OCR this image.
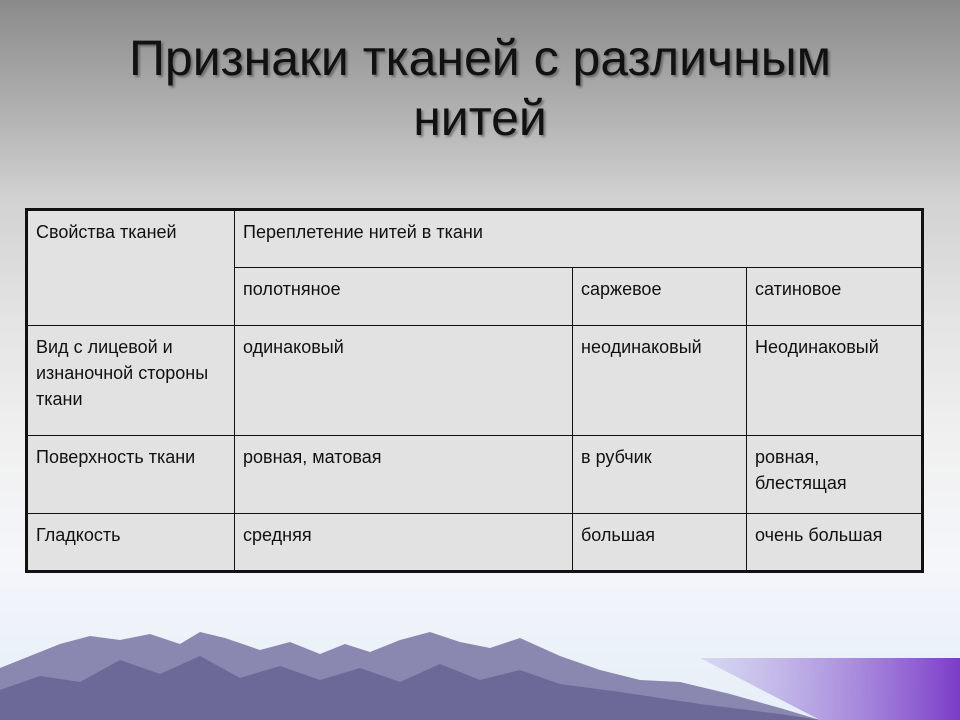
Признаки тканей с различным
нитей
Свойства тканей	Переплетение нитей в ткани		
	полотняное	саржевое	сатиновое
Вид с лицевой и изнаночной стороны ткани	одинаковый	неодинаковый	Неодинаковый
Поверхность ткани	ровная, матовая	в рубчик	ровная, блестящая
Гладкость	средняя	большая	очень большая
